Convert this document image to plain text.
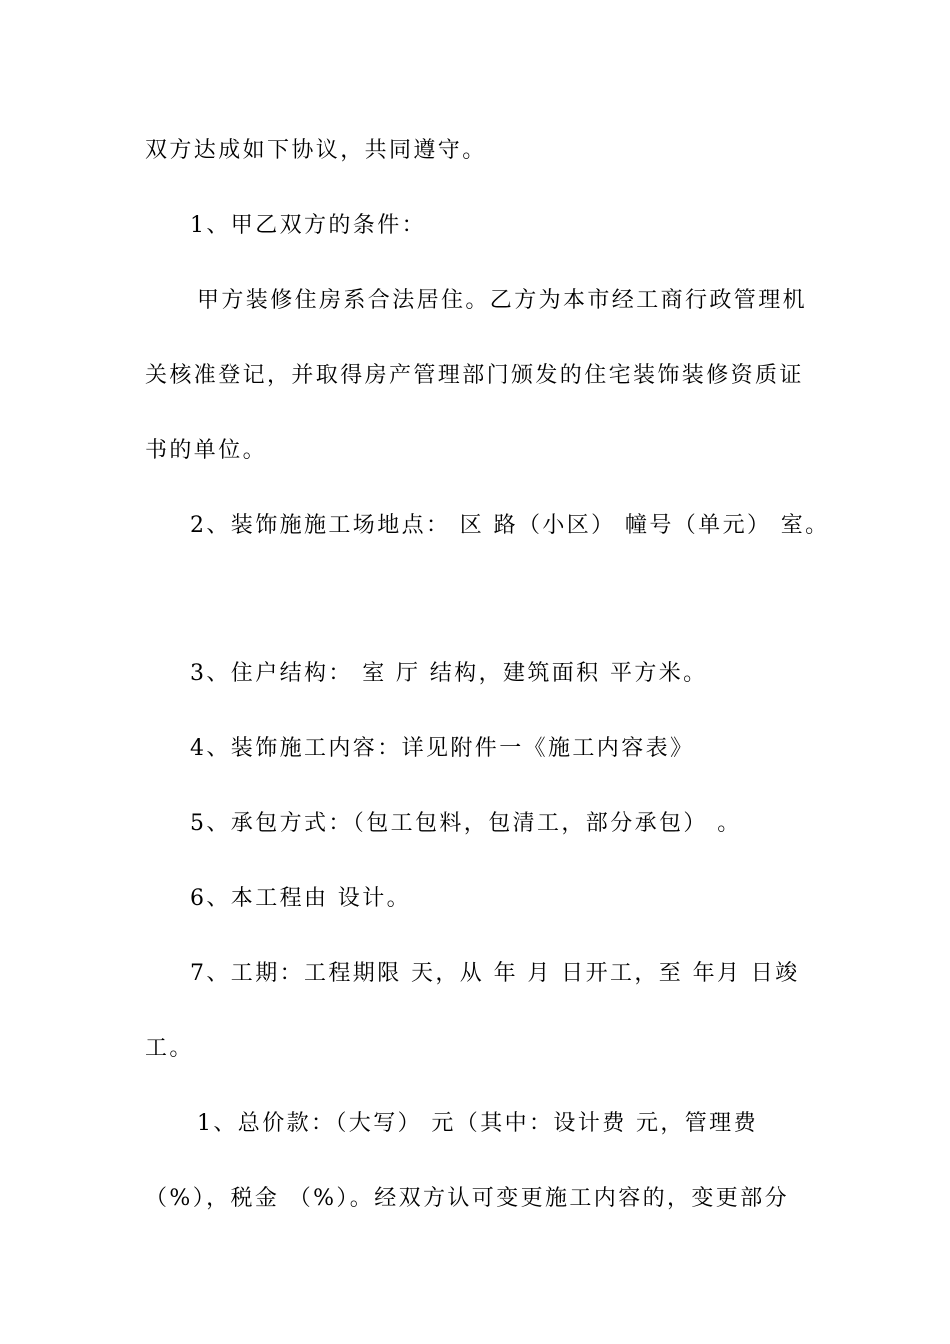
双方达成如下协议，共同遵守。
1、甲乙双方的条件：
甲方装修住房系合法居住。乙方为本市经工商行政管理机
关核准登记，并取得房产管理部门颁发的住宅装饰装修资质证
书的单位。
2、装饰施施工场地点： 区 路（小区） 幢号（单元） 室。
3、住户结构： 室 厅 结构，建筑面积 平方米。
4、装饰施工内容：详见附件一《施工内容表》
5、承包方式：（包工包料，包清工，部分承包） 。
6、本工程由 设计。
7、工期：工程期限 天，从 年 月 日开工，至 年月 日竣
工。
1、总价款：（大写） 元（其中：设计费 元，管理费
（%），税金 （%）。经双方认可变更施工内容的，变更部分
